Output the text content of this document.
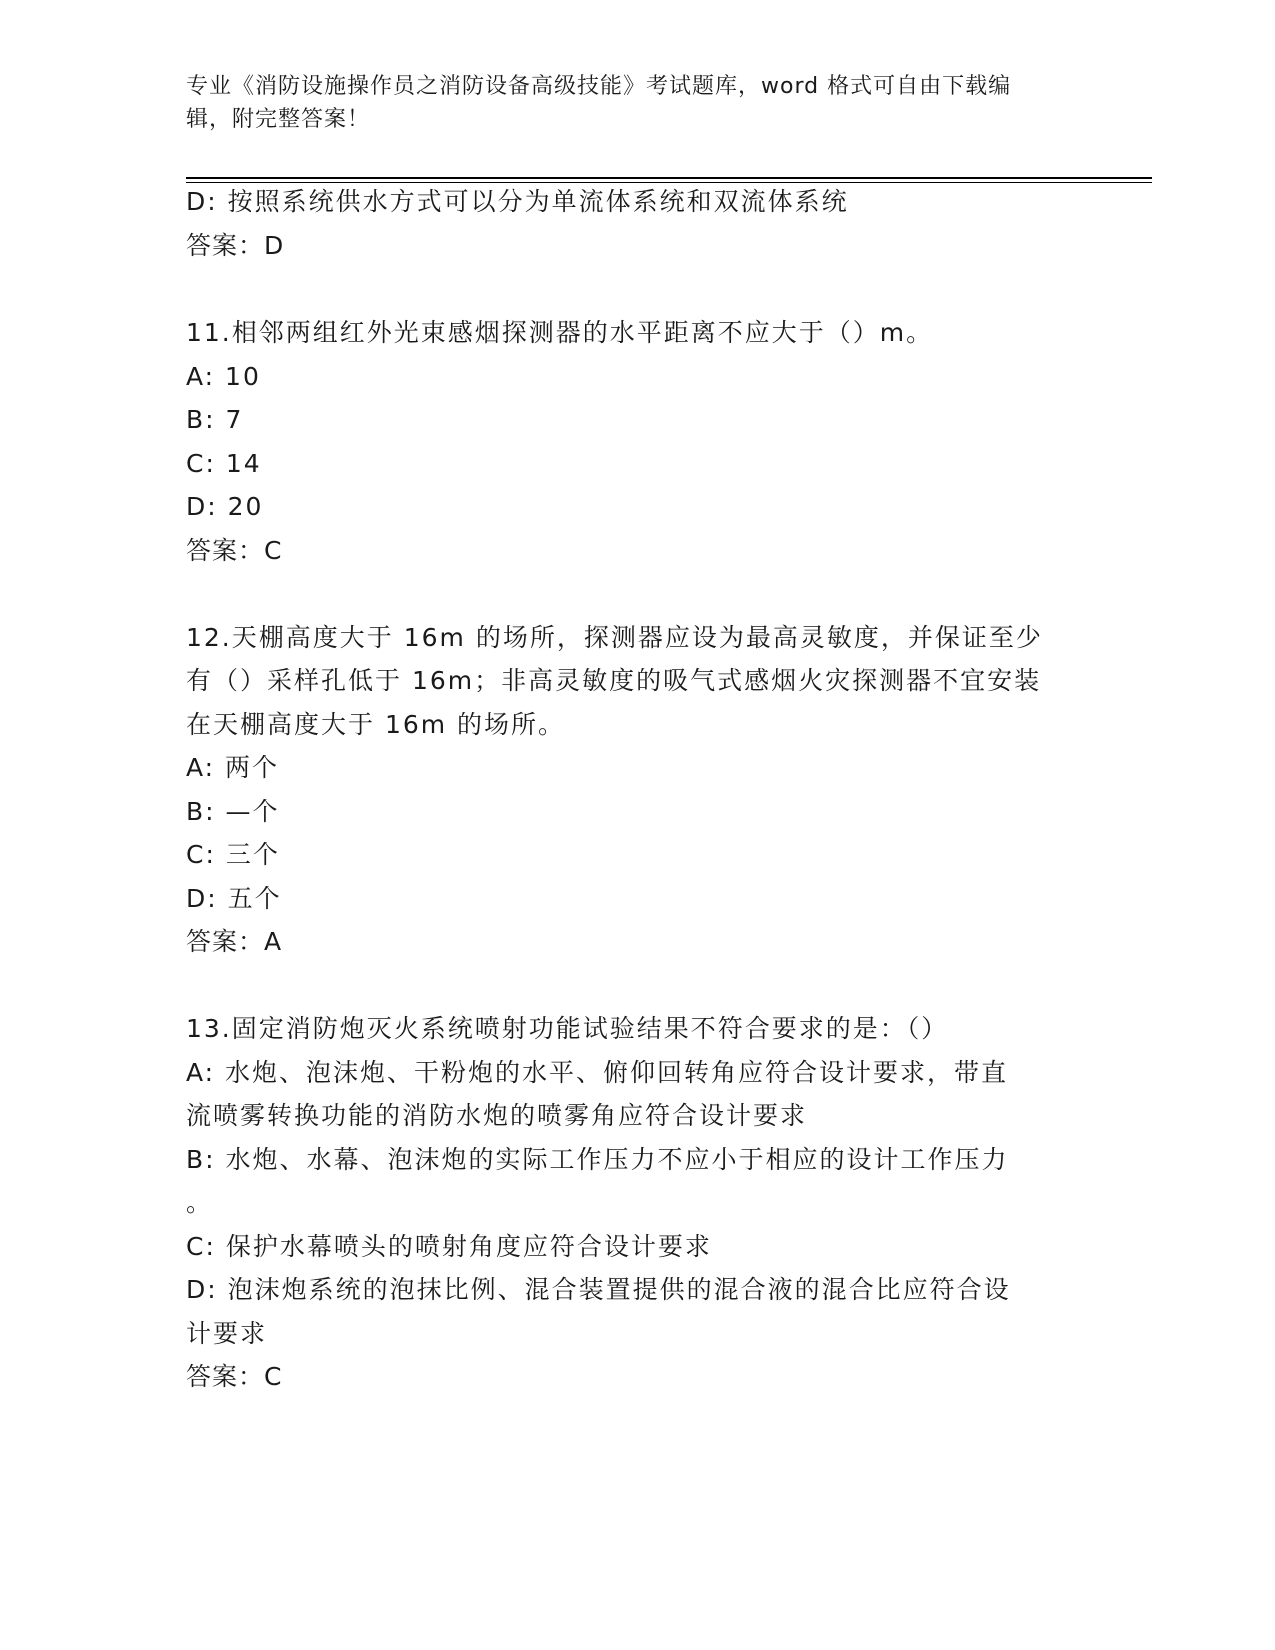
专业《消防设施操作员之消防设备高级技能》考试题库，word 格式可自由下载编
辑，附完整答案！
D: 按照系统供水方式可以分为单流体系统和双流体系统
答案：D
11.相邻两组红外光束感烟探测器的水平距离不应大于（）m。
A: 10
B: 7
C: 14
D: 20
答案：C
12.天棚高度大于 16m 的场所，探测器应设为最高灵敏度，并保证至少
有（）采样孔低于 16m；非高灵敏度的吸气式感烟火灾探测器不宜安装
在天棚高度大于 16m 的场所。
A: 两个
B: —个
C: 三个
D: 五个
答案：A
13.固定消防炮灭火系统喷射功能试验结果不符合要求的是：（）
A: 水炮、泡沫炮、干粉炮的水平、俯仰回转角应符合设计要求，带直
流喷雾转换功能的消防水炮的喷雾角应符合设计要求
B: 水炮、水幕、泡沫炮的实际工作压力不应小于相应的设计工作压力
。
C: 保护水幕喷头的喷射角度应符合设计要求
D: 泡沫炮系统的泡抹比例、混合装置提供的混合液的混合比应符合设
计要求
答案：C
